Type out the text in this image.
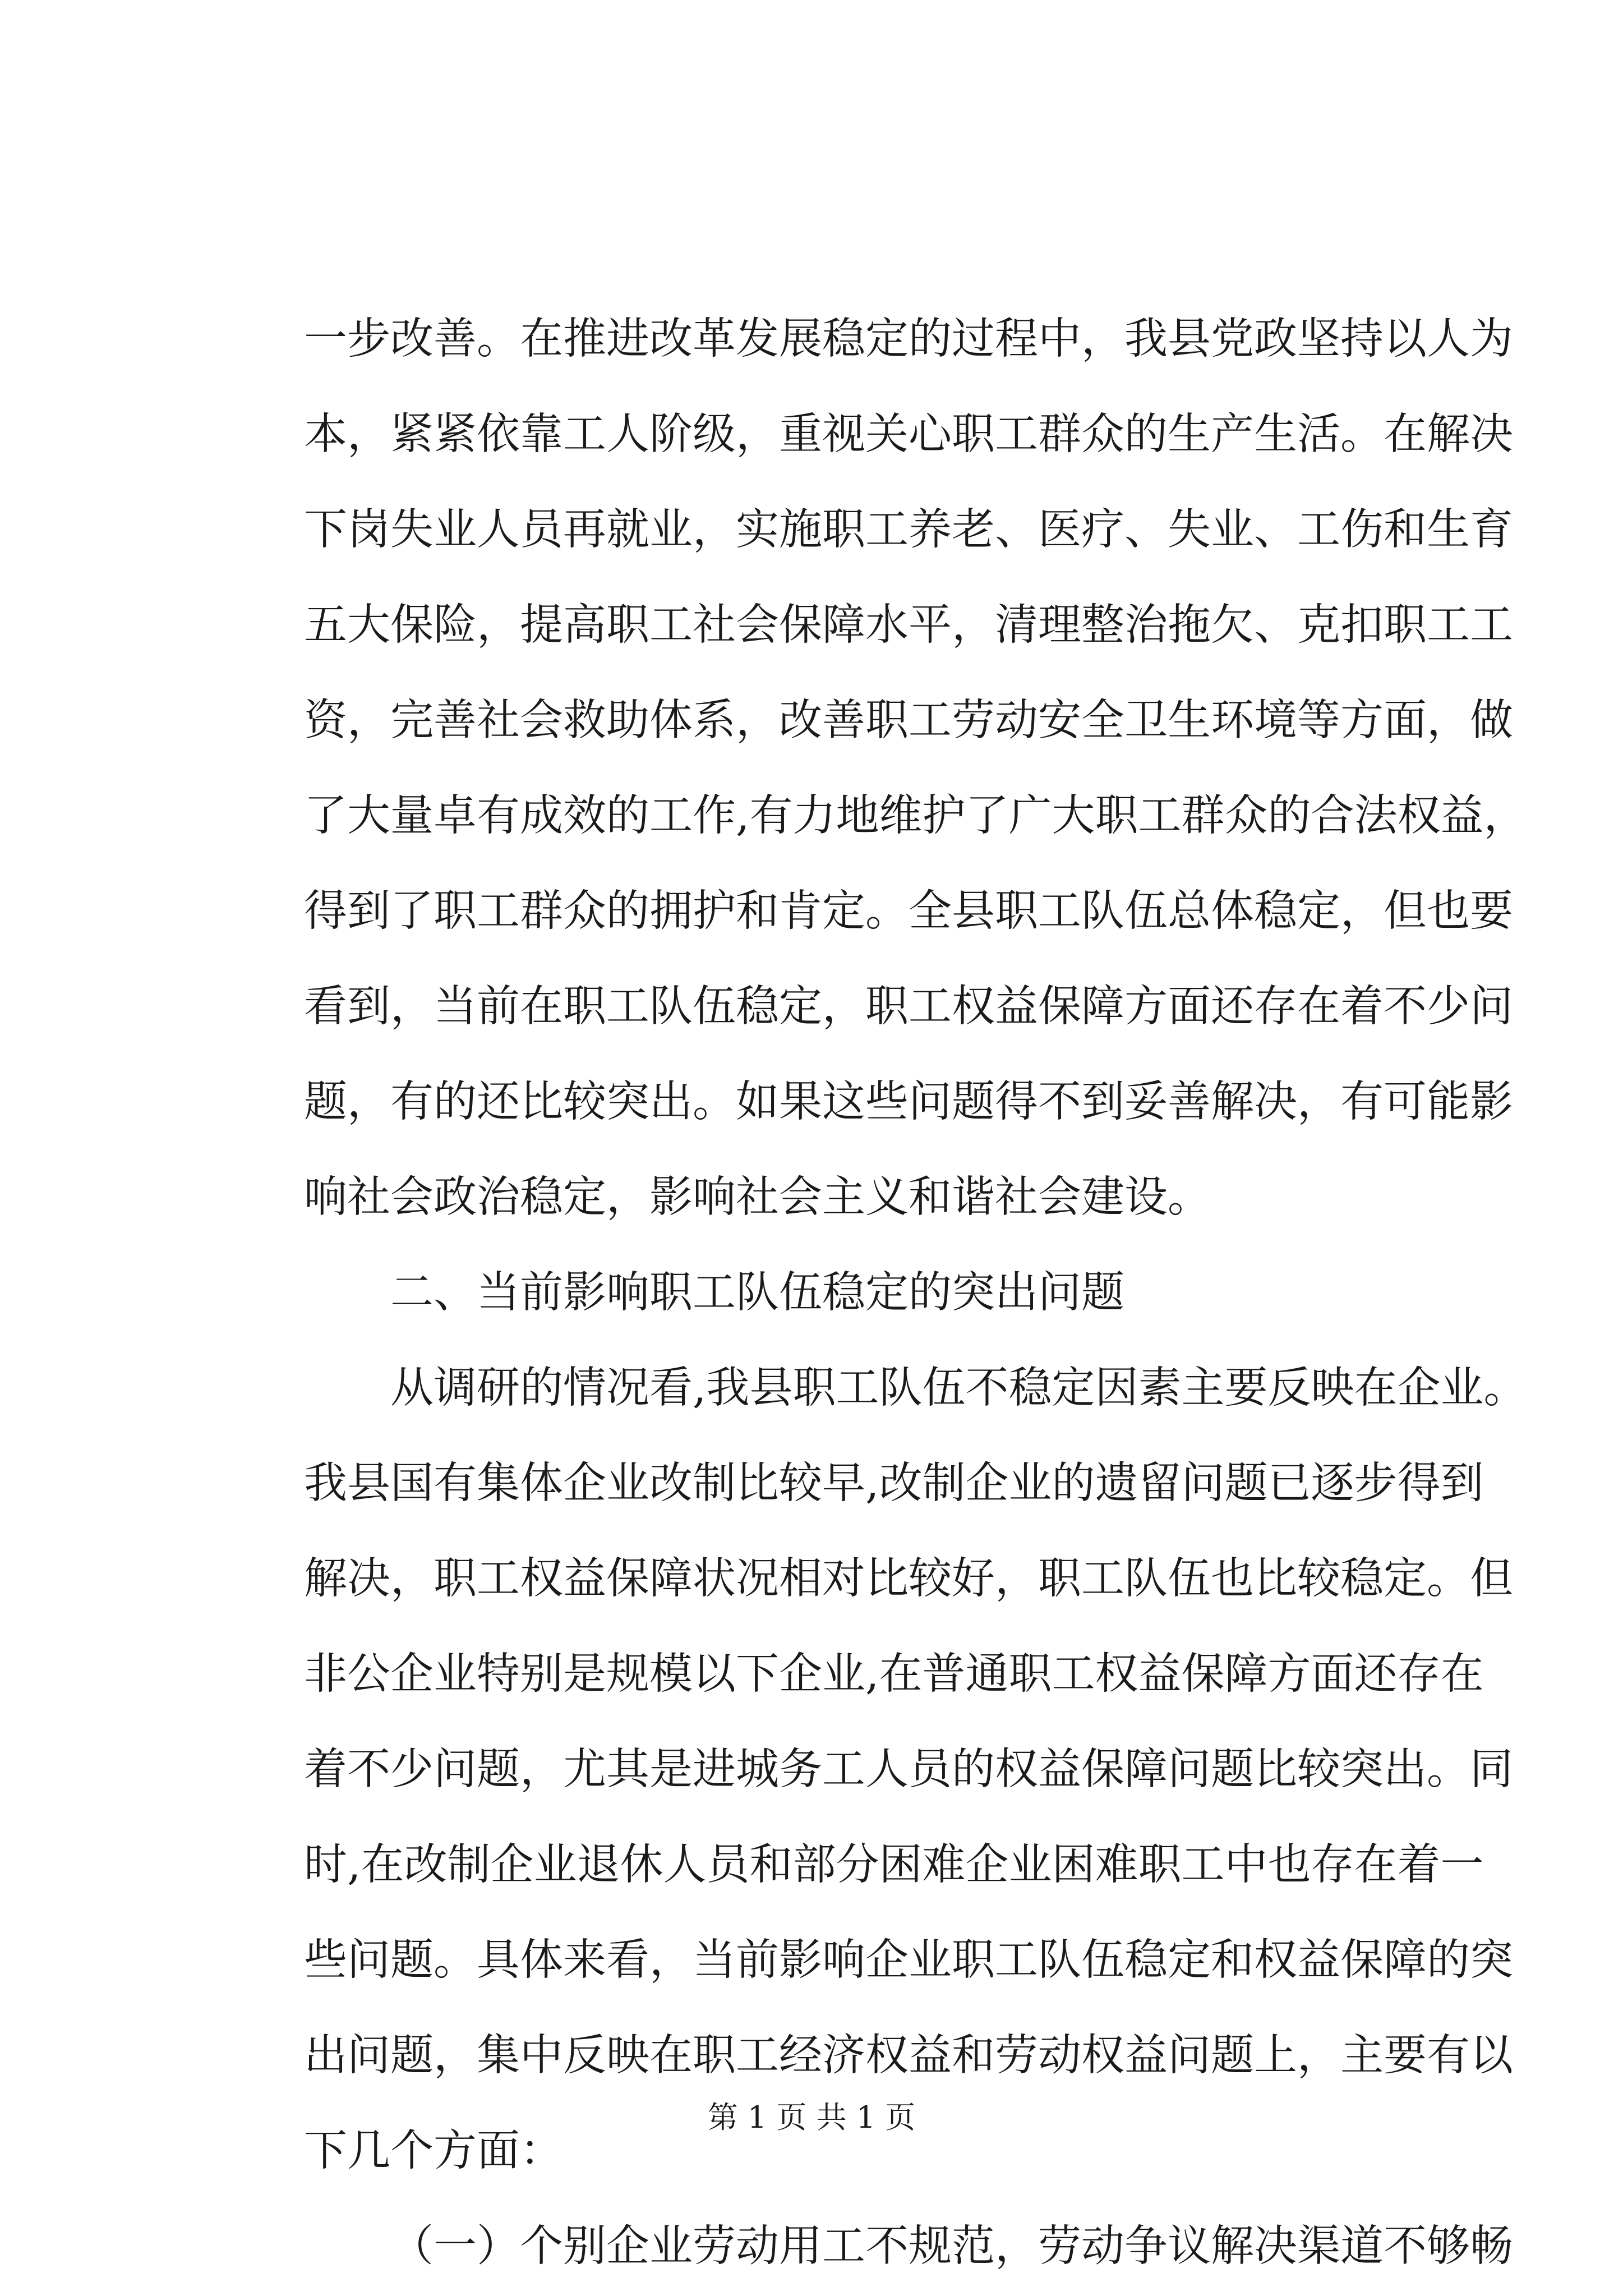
一步改善。在推进改革发展稳定的过程中，我县党政坚持以人为
本，紧紧依靠工人阶级，重视关心职工群众的生产生活。在解决
下岗失业人员再就业，实施职工养老、医疗、失业、工伤和生育
五大保险，提高职工社会保障水平，清理整治拖欠、克扣职工工
资，完善社会救助体系，改善职工劳动安全卫生环境等方面，做
了大量卓有成效的工作,有力地维护了广大职工群众的合法权益，
得到了职工群众的拥护和肯定。全县职工队伍总体稳定，但也要
看到，当前在职工队伍稳定，职工权益保障方面还存在着不少问
题，有的还比较突出。如果这些问题得不到妥善解决，有可能影
响社会政治稳定，影响社会主义和谐社会建设。
二、当前影响职工队伍稳定的突出问题
从调研的情况看,我县职工队伍不稳定因素主要反映在企业。
我县国有集体企业改制比较早,改制企业的遗留问题已逐步得到
解决，职工权益保障状况相对比较好，职工队伍也比较稳定。但
非公企业特别是规模以下企业,在普通职工权益保障方面还存在
着不少问题，尤其是进城务工人员的权益保障问题比较突出。同
时,在改制企业退休人员和部分困难企业困难职工中也存在着一
些问题。具体来看，当前影响企业职工队伍稳定和权益保障的突
出问题，集中反映在职工经济权益和劳动权益问题上，主要有以
下几个方面：
（一）个别企业劳动用工不规范，劳动争议解决渠道不够畅
第 1 页 共 1 页
